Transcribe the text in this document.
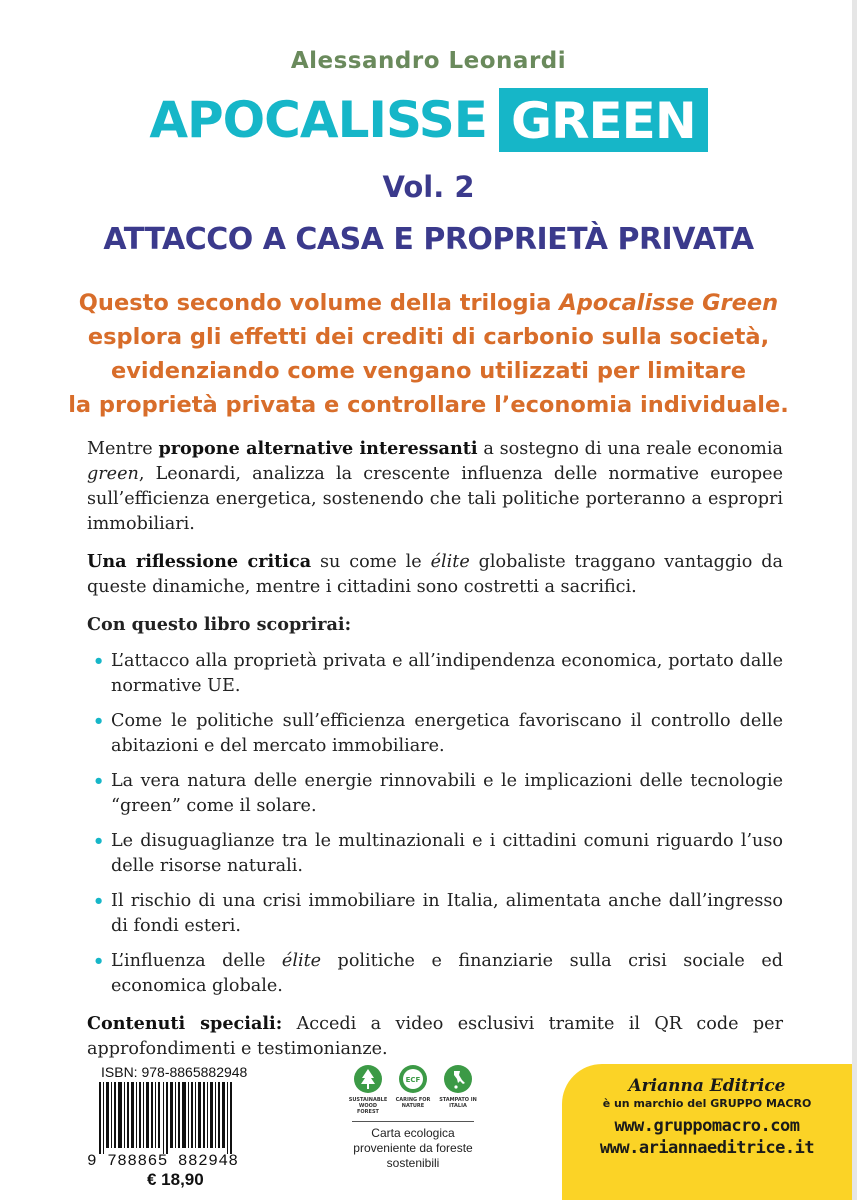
Alessandro Leonardi
APOCALISSE GREEN
Vol. 2
ATTACCO A CASA E PROPRIETÀ PRIVATA
Questo secondo volume della trilogia Apocalisse Green
esplora gli effetti dei crediti di carbonio sulla società,
evidenziando come vengano utilizzati per limitare
la proprietà privata e controllare l’economia individuale.

Mentre propone alternative interessanti a sostegno di una reale economia green, Leonardi, analizza la crescente influenza delle normative europee sull’efficienza energetica, sostenendo che tali politiche porteranno a espropri immobiliari.

Una riflessione critica su come le élite globaliste traggano vantaggio da queste dinamiche, mentre i cittadini sono costretti a sacrifici.

Con questo libro scoprirai:

• L’attacco alla proprietà privata e all’indipendenza economica, portato dalle normative UE.
• Come le politiche sull’efficienza energetica favoriscano il controllo delle abitazioni e del mercato immobiliare.
• La vera natura delle energie rinnovabili e le implicazioni delle tecnologie “green” come il solare.
• Le disuguaglianze tra le multinazionali e i cittadini comuni riguardo l’uso delle risorse naturali.
• Il rischio di una crisi immobiliare in Italia, alimentata anche dall’ingresso di fondi esteri.
• L’influenza delle élite politiche e finanziarie sulla crisi sociale ed economica globale.

Contenuti speciali: Accedi a video esclusivi tramite il QR code per approfondimenti e testimonianze.

ISBN: 978-8865882948
9 788865 882948
€ 18,90
SUSTAINABLE WOOD FOREST
ECF
CARING FOR NATURE
STAMPATO IN ITALIA
Carta ecologica proveniente da foreste sostenibili
Arianna Editrice
è un marchio del GRUPPO MACRO
www.gruppomacro.com
www.ariannaeditrice.it
